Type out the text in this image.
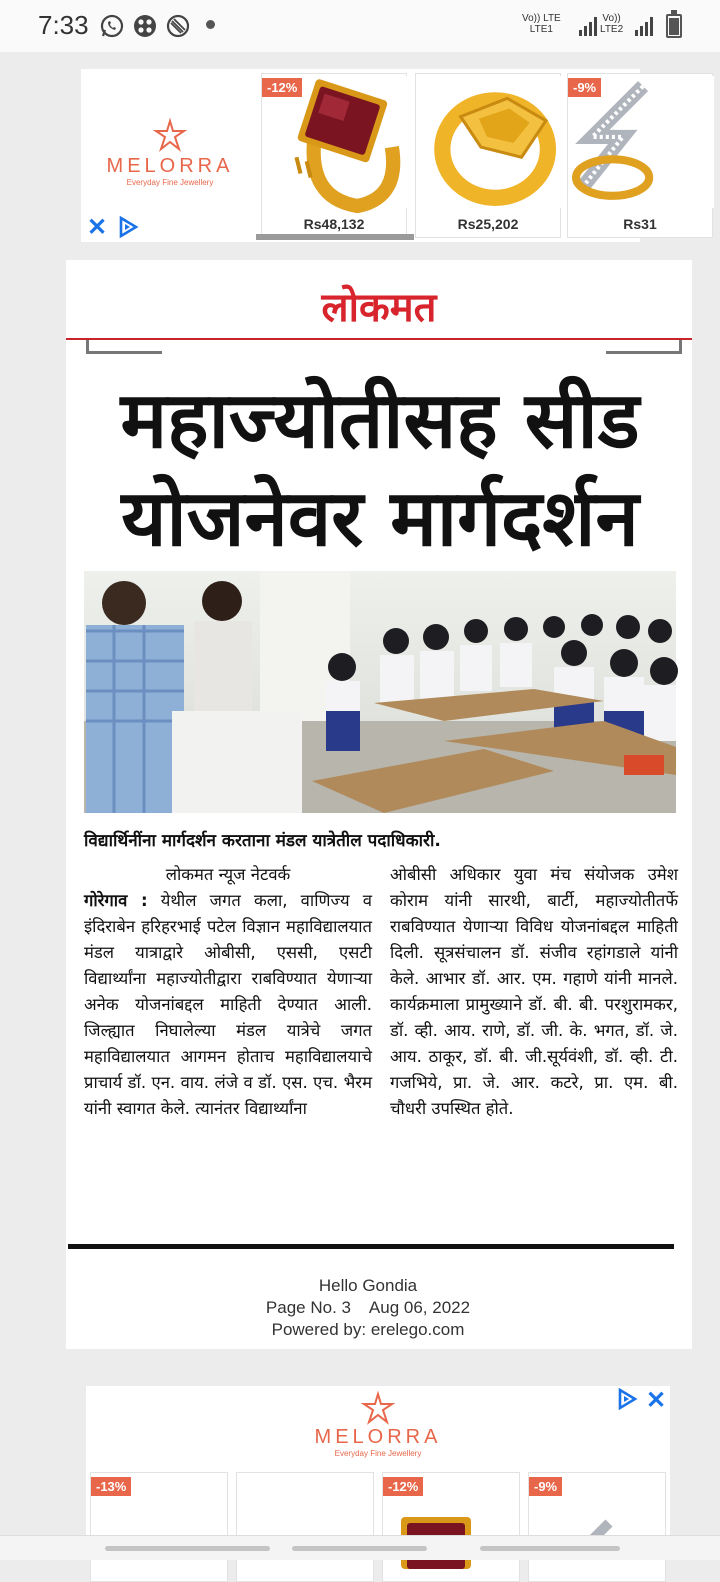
7:33	Vo)) LTE
LTE1
Vo))
LTE2
MELORRA
Everyday Fine Jewellery
✕
-12%
Rs48,132	Rs25,202
-9%
Rs31
लोकमत
महाज्योतीसह सीड
योजनेवर मार्गदर्शन
विद्यार्थिनींना मार्गदर्शन करताना मंडल यात्रेतील पदाधिकारी.
लोकमत न्यूज नेटवर्क
गोरेगाव : येथील जगत कला, वाणिज्य व इंदिराबेन हरिहरभाई पटेल विज्ञान महाविद्यालयात मंडल यात्राद्वारे ओबीसी, एससी, एसटी विद्यार्थ्यांना महाज्योतीद्वारा राबविण्यात येणाऱ्या अनेक योजनांबद्दल माहिती देण्यात आली. जिल्ह्यात निघालेल्या मंडल यात्रेचे जगत महाविद्यालयात आगमन होताच महाविद्यालयाचे प्राचार्य डॉ. एन. वाय. लंजे व डॉ. एस. एच. भैरम यांनी स्वागत केले. त्यानंतर विद्यार्थ्यांना
ओबीसी अधिकार युवा मंच संयोजक उमेश कोराम यांनी सारथी, बार्टी, महाज्योतीतर्फे राबविण्यात येणाऱ्या विविध योजनांबद्दल माहिती दिली. सूत्रसंचालन डॉ. संजीव रहांगडाले यांनी केले. आभार डॉ. आर. एम. गहाणे यांनी मानले. कार्यक्रमाला प्रामुख्याने डॉ. बी. बी. परशुरामकर, डॉ. व्ही. आय. राणे, डॉ. जी. के. भगत, डॉ. जे. आय. ठाकूर, डॉ. बी. जी.सूर्यवंशी, डॉ. व्ही. टी. गजभिये, प्रा. जे. आर. कटरे, प्रा. एम. बी. चौधरी उपस्थित होते.
Hello Gondia
Page No. 3    Aug 06, 2022
Powered by: erelego.com
MELORRA
Everyday Fine Jewellery
✕
-13%	-12%	-9%
